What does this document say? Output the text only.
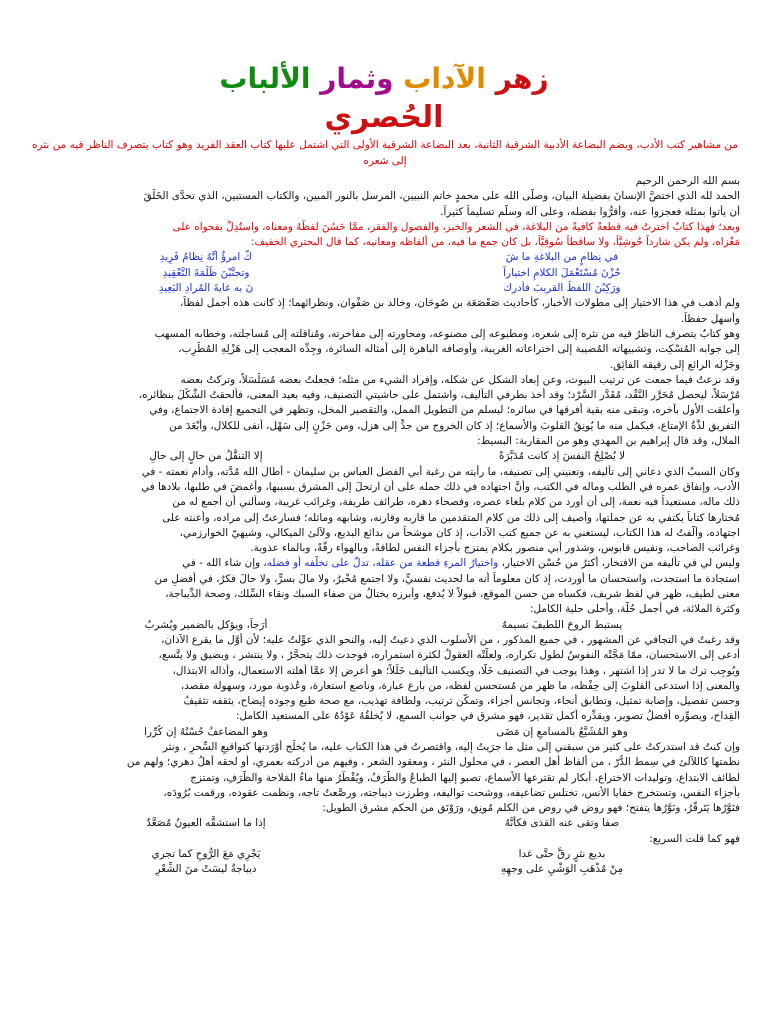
زهر الآداب وثمار الألباب
الحُصري
من مشاهير كتب الأدب، ويضم البضاعة الأدبية الشرقية الثانية، بعد البضاعة الشرقية الأولى التي اشتمل عليها كتاب العقد الفريد وهو كتاب يتصرف الناظر فيه من نثره إلى شعره
بسم الله الرحمن الرحيم
الحمد لله الذي اختصَّ الإنسانَ بفضيلة البيان، وصلَّى الله على محمدٍ خاتم النبيين، المرسل بالنور المبين، والكتاب المستبين، الذي تحدَّى الخَلْقَ
أن يأتوا بمثله فعجزوا عنه، وأقرُّوا بفضله، وعلى آله وسلَّم تسليماً كثيراً.
وبعد؛ فهذا كتابٌ اخترتُ فيه قطعةً كافيةً من البلاغة، في الشعر والخبر، والفصول والفقر، ممَّا حَسُنَ لفظُهُ ومعناه، واستُدِلَّ بفحواه على
مَغْزاه، ولم يكن شارداً حُوشِيَّاً، ولا ساقطاً سُوقِيَّاً، بل كان جمع ما فيه، من ألفاظه ومعانيه، كما قال البحتري الخفيف:
في نِظامٍ من البلاغةِ ما شَ
كَّ امرؤٌ أنَّهُ نِظامُ فَرِيدِ
حُزْنَ مُسْتَعْمَلَ الكلامِ اختياراً
وتجنَّبْنَ ظُلْمَةَ التَّعْقِيدِ
ورَكِبْنَ اللفظَ القريبَ فأدرك
نَ به غايةَ المُرادِ البَعِيدِ
ولم أذهب في هذا الاختيار إلى مطولات الأخبار، كأحاديث صَعْصَعَة بن صُوحَان، وخالد بن صَفْوان، ونظرائهما؛ إذ كانت هذه أجمل لفظاً،
وأسهل حفظاً.
وهو كتابٌ يتصرف الناظرُ فيه من نثره إلى شعره، ومطبوعه إلى مصنوعه، ومحاورته إلى مفاخرته، ومُناقلته إلى مُساجلته، وخطابه المسهب
إلى جوابه المُسْكِت، وتشبيهاته المُصيبة إلى اختراعاته الغريبة، وأوصافه الباهرة إلى أمثاله السائرة، وجِدِّه المعجب إلى هَزْلِهِ المُطْرِب،
وجَزْله الرائع إلى رقيقه الفائِق.
وقد نزعتُ فيما جمعت عن ترتيب البيوت، وعن إبعاد الشكل عن شكله، وإفراد الشيء من مثله؛ فجعلتُ بعضه مُسَلْسَلاً، وتركتُ بعضه
مُرْسَلاً، ليحصل مُحَرَّر النَّقْد، مُقَدَّر السَّرْد؛ وقد أخذ بطرفي التأليف، واشتمل على حاشيتي التصنيف، وفيه بعيد المعنى، فألحقتُ الشَّكْلَ بنظائره،
وأعلقت الأول بآخره، وتبقى منه بقية أفرقها في سائره؛ ليسلم من التطويل الممل، والتقصير المخل، وتظهر في التجميع إفادة الاجتماع، وفي
التفريق لذَّةُ الإمتاع، فيكمل منه ما يُونِقُ القلوبَ والأسماع؛ إذ كان الخروج من جدٍّ إلى هزل، ومن حَزْنٍ إلى سَهْل، أنفى للكلال، وأبْعَدَ من
الملال، وقد قال إبراهيم بن المهدي وهو من المقاربة: البسيط:
لا يُصْلِحُ النفسَ إذ كانت مُدَبَّرَةً
إلا التنقُّلُ من حالٍ إلى حالِ
وكان السببُ الذي دعاني إلى تأليفه، وتعنيني إلى تصنيفه، ما رأيته من رغبة أبي الفضل العباس بن سليمان - أطال الله مُدَّته، وأدام نعمته - في
الأدب، وإنفاق عمره في الطلب وماله في الكتب، وأنَّ اجتهاده في ذلك حمله على أن ارتحلَ إلى المشرق بسببها، وأَغمضَ في طلبها، بلادها في
ذلك ماله، مستعيداً فيه نعمة، إلى أن أورد من كلام بلغاء عصره، وفصحاء دهره، طرائف طريفة، وغرائب غريبة، وسألني أن أجمع له من
مُختارها كتاباً يكتفي به عن جملتها، وأصيف إلى ذلك من كلام المتقدمين ما قاربه وقارنه، وشابهه وماثله؛ فسارعتُ إلى مراده، وأعنته على
اجتهاده، وألَّفتُ له هذا الكتاب، ليستغني به عن جميع كتب الآداب، إذ كان موشحاً من بدائع البديع، ولآلئ الميكالي، وشيهيّ الخوارزمي،
وغرائب الصاحب، ونفيس قابوس، وشذور أبي منصور بكلام يمتزج بأجزاء النفس لطافةً، وبالهواء رقَّةً، وبالماء عذوبة.
وليس لي في تأليفه من الافتخار، أكثرُ من حُسْن الاختيار، واختيارُ المرءِ قطعة من عقله، تدلُّ على تخلُّفه أو فضله، وإن شاء الله - في
استجادة ما استجدت، واستحسان ما أوردت، إذ كان معلوماً أنه ما لحديث نفسيٍّ، ولا اجتمع مُخْبرٌ، ولا مالَ بسرٍّ، ولا حالَ فكرٌ، في أفضلِ من
معنى لطيف، ظهر في لفظ شريف، فكساه من حسن الموقع، قبولاً لا يُدفع، وأبرزه يختالُ من صفاء السبك ونقاء السِّلك، وصحة الدِّيباجة،
وكثرة الملائة، في أجمل حُلَّة، وأحلى حلية الكامل:
يستبط الروحَ اللطيفَ نسيمهُ
أرَجاً، ويؤكل بالضمير ويُشربُ
وقد رغبتُ في التجافي عن المشهور ، في جميع المذكور ، من الأسلوب الذي دعيتُ إليه، والنحو الذي عوِّلتُ عليه؛ لأن أوَّل ما يقرع الآذان،
أدعى إلى الاستحسان، ممّا مَجَّتْه النفوسُ لطول تكراره، ولعلَّتْه العقولُ لكثرة استمراره، فوجدت ذلك يتحجَّرُ ، ولا ينتشر ، ويضيق ولا يتَّسع،
ويُوجِب ترك ما لا تدر إذا اشتهر ، وهذا يوجب في التصنيف خَلَّا، ويكسب التأليف خَلَلاً؛ هو أعرض إلا عمَّا أهلته الاستعمال، وأذاله الابتذال،
والمعنى إذا استدعى القلوبَ إلى حِفْظه، ما ظهر من مُستحسن لفظه، من بارع عبارة، وناصع استعارة، وعُذوبة مورد، وسهولة مقصد،
وحسن تفصيل، وإصابة تمثيل، وتطابق أنحاء، وتجانس أجزاء، وتمكّن ترتيب، ولطافة تهذيب، مع صحة طبع وجوده إيضاح، يثقفه تثقيفُ
القِداح، ويصوِّره أفضلُ تصوير، ويقدِّره أكمل تقدير، فهو مشرق في جوانب السمع، لا يُخلقُهُ عَوْدُهُ على المستعيد الكامل:
وهو المُشَيَّعُ بالمسامعِ إن مَضَى
وهو المضاعفُ حُسْنُهُ إن كُرِّرا
وإن كنتُ قد استدركتُ على كثير من سبقني إلى مثل ما جرَيتُ إليه، واقتصرتُ في هذا الكتاب عليه، ما يُخلِّج أوْرَدتها كتواقيعِ السِّحرِ ، ونثر
نظمتها كاللآلئ في سِمط الدُّرّ ، من ألفاظ أهل العصر ، في محلول النثر ، ومعقود الشعر ، وفيهم من أدركته بعمري، أو لحقه أهلُ دهري؛ ولهم من
لطائف الابتداع، وتوليدات الاختراع، أبكار لم تقترعها الأسماع، تصبو إليها الطباعُ والطُّرَفُ، ويُقْطَرُ منها ماءُ المَلاحة والظَّرَفِ، وتمتزج
بأجزاء النفس، وتستخرج خفايا الأنس، تختلس تضاعيفه، ووشحت تواليفه، وطرزت ديباجته، ورصَّعتُ تاجه، ونظمت عقوده، ورقمت بُرُودَه،
فنَوَّرُها يَتَرقَّرُ، ونَوَّرُها يتفتح؛ فهو روض في روض من الكلم مُونِق، ورَوْنَق من الحكم مشرق الطويل:
صفا وتقى عنه القذى فكأنَّهُ
إذا ما استشقَّه العيونُ مُصَعَّدٌ
فهو كما قلت السريع:
بديع نثرٍ رقَّ حتَّى غدا
يَجْرِي مَعَ الرُّوحِ كما تجري
مِنْ مُذْهَبِ الوَشْيِ على وجهِهِ
ديباجةٌ ليسَتْ منَ الشِّعْرِ
